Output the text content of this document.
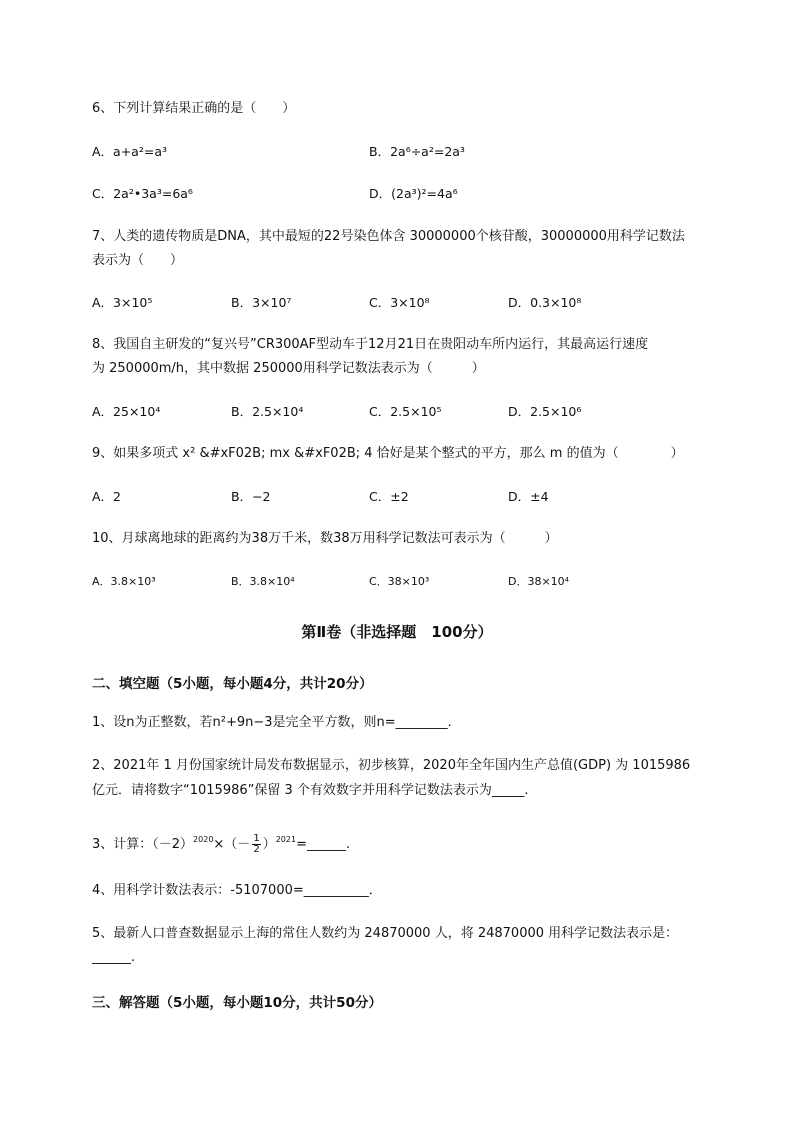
6、下列计算结果正确的是（　　）
A．a+a²=a³	B．2a⁶÷a²=2a³
C．2a²•3a³=6a⁶	D．(2a³)²=4a⁶
7、人类的遗传物质是DNA，其中最短的22号染色体含 30000000个核苷酸，30000000用科学记数法
表示为（　　）
A．3×10⁵	B．3×10⁷	C．3×10⁸	D．0.3×10⁸
8、我国自主研发的“复兴号”CR300AF型动车于12月21日在贵阳动车所内运行，其最高运行速度
为 250000m/h，其中数据 250000用科学记数法表示为（　　　）
A．25×10⁴	B．2.5×10⁴	C．2.5×10⁵	D．2.5×10⁶
9、如果多项式 x² &#xF02B; mx &#xF02B; 4 恰好是某个整式的平方，那么 m 的值为（　　　　）
A．2	B．−2	C．±2	D．±4
10、月球离地球的距离约为38万千米，数38万用科学记数法可表示为（　　　）
A．3.8×10³	B．3.8×10⁴	C．38×10³	D．38×10⁴
第Ⅱ卷（非选择题　100分）
二、填空题（5小题，每小题4分，共计20分）
1、设n为正整数，若n²+9n−3是完全平方数，则n=________.
2、2021年 1 月份国家统计局发布数据显示，初步核算，2020年全年国内生产总值(GDP) 为 1015986
亿元．请将数字“1015986”保留 3 个有效数字并用科学记数法表示为_____.
3、计算：$(-2)^{2020}\times(- \frac{1}{2}$ ）$^{2021}=\_\_\_\_\_\_$.
4、用科学计数法表示：-5107000=__________．
5、最新人口普查数据显示上海的常住人数约为 24870000 人，将 24870000 用科学记数法表示是：
______.
三、解答题（5小题，每小题10分，共计50分）
